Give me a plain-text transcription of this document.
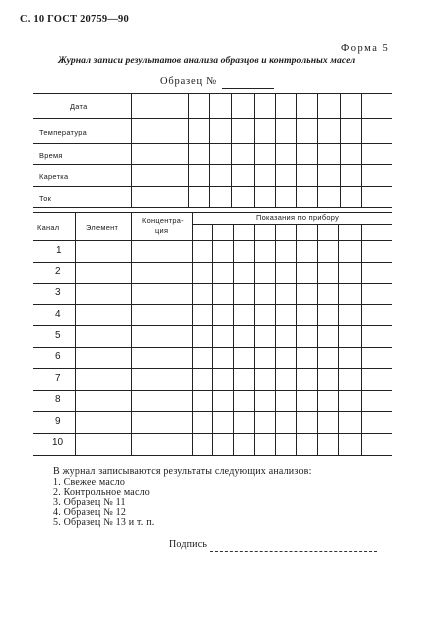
С. 10 ГОСТ 20759—90
Форма 5
Журнал записи результатов анализа образцов и контрольных масел
Образец №
Дата
Температура
Время
Каретка
Ток
Канал	Элемент
Концентра-
ция
Показания по прибору
1
2
3
4
5
6
7
8
9
10
В журнал записываются результаты следующих анализов:
1. Свежее масло
2. Контрольное масло
3. Образец № 11
4. Образец № 12
5. Образец № 13 и т. п.
Подпись
